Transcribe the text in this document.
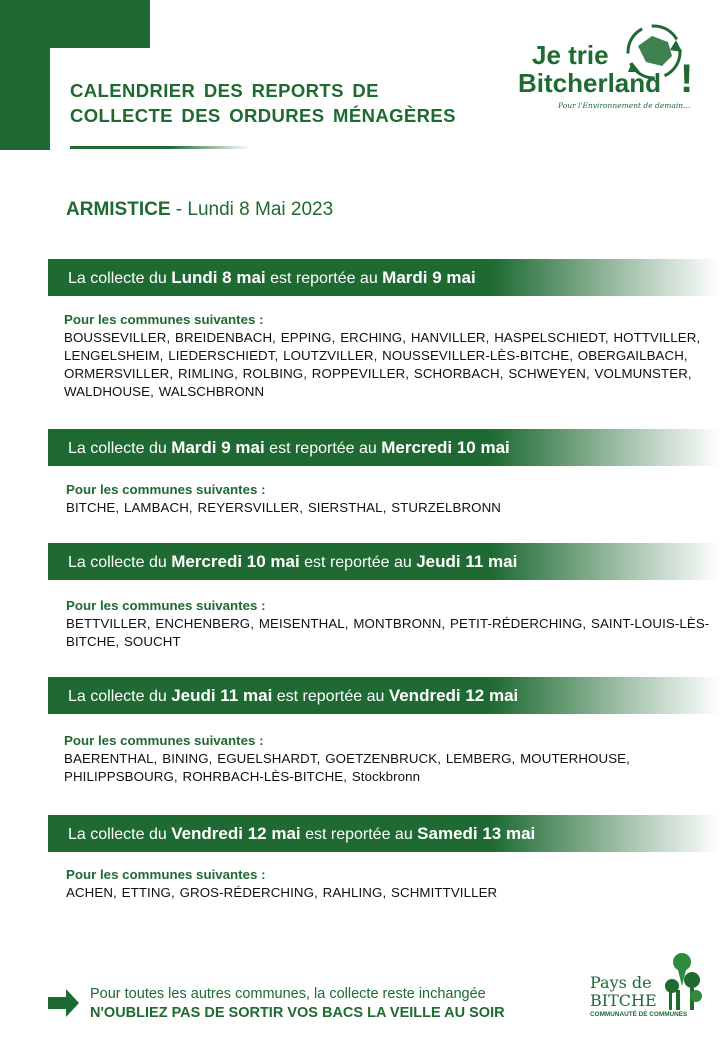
CALENDRIER DES REPORTS DE
COLLECTE DES ORDURES MÉNAGÈRES
Je trie
Bitcherland !
Pour l'Environnement de demain...

ARMISTICE - Lundi 8 Mai 2023

La collecte du Lundi 8 mai est reportée au Mardi 9 mai
Pour les communes suivantes :
BOUSSEVILLER, BREIDENBACH, EPPING, ERCHING, HANVILLER, HASPELSCHIEDT, HOTTVILLER, LENGELSHEIM, LIEDERSCHIEDT, LOUTZVILLER, NOUSSEVILLER-LÈS-BITCHE, OBERGAILBACH, ORMERSVILLER, RIMLING, ROLBING, ROPPEVILLER, SCHORBACH, SCHWEYEN, VOLMUNSTER, WALDHOUSE, WALSCHBRONN
La collecte du Mardi 9 mai est reportée au Mercredi 10 mai
Pour les communes suivantes :
BITCHE, LAMBACH, REYERSVILLER, SIERSTHAL, STURZELBRONN
La collecte du Mercredi 10 mai est reportée au Jeudi 11 mai
Pour les communes suivantes :
BETTVILLER, ENCHENBERG, MEISENTHAL, MONTBRONN, PETIT-RÉDERCHING, SAINT-LOUIS-LÈS-BITCHE, SOUCHT
La collecte du Jeudi 11 mai est reportée au Vendredi 12 mai
Pour les communes suivantes :
BAERENTHAL, BINING, EGUELSHARDT, GOETZENBRUCK, LEMBERG, MOUTERHOUSE, PHILIPPSBOURG, ROHRBACH-LÈS-BITCHE, Stockbronn
La collecte du Vendredi 12 mai est reportée au Samedi 13 mai
Pour les communes suivantes :
ACHEN, ETTING, GROS-RÉDERCHING, RAHLING, SCHMITTVILLER

Pour toutes les autres communes, la collecte reste inchangée

N'OUBLIEZ PAS DE SORTIR VOS BACS LA VEILLE AU SOIR

Pays de
BITCHE
COMMUNAUTÉ DE COMMUNES
